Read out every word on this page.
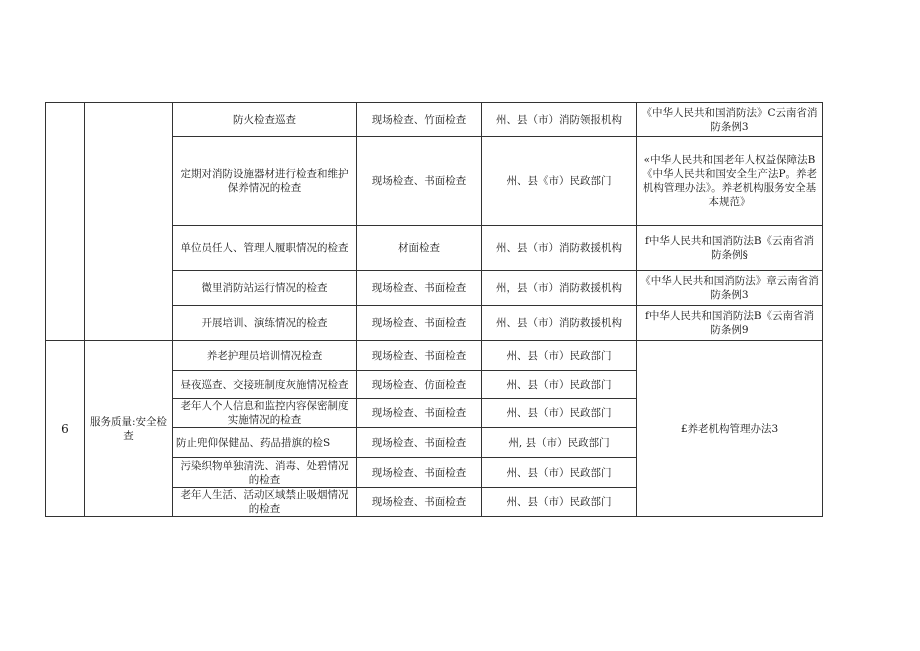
		防火检查巡查	现场检查、竹面检查	州、县（市）消防领报机构	《中华人民共和国消防法》C云南省消防条例3
		定期对消防设施器材进行检查和维护保养情况的检查	现场检查、书面检查	州、县《市）民政部门	«中华人民共和国老年人权益保障法B《中华人民共和国安全生产法P。养老机构管理办法》。养老机构服务安全基本规范》
		单位员任人、管理人履职情况的检查	材面检查	州、县（市）消防救援机构	f中华人民共和国消防法B《云南省消防条例§
		微里消防站运行情况的检查	现场检查、书面检查	州，县（市）消防救援机构	《中华人民共和国消防法》章云南省消防条例3
		开展培训、演练情况的检查	现场检查、书面检查	州、县（市）消防救援机构	f中华人民共和国消防法B《云南省消防条例9
6	服务质量:安全检查	养老护理员培训情况检查	现场检查、书面检查	州、县（市）民政部门	£养老机构管理办法3
		昼夜巡查、交接班制度灰施情况检查	现场检查、仿面检查	州、县（市）民政部门	
		老年人个人信息和监控内容保密制度实施情况的检查	现场检查、书面检查	州、县（市）民政部门	
		防止兜仰保健品、药品措旗的检S	现场检查、书面检查	州, 县（市）民政部门	
		污染织物单独清洗、消毒、处碧情况的检查	现场检查、书面检查	州、县（市）民政部门	
		老年人生活、活动区域禁止吸烟情况的检查	现场检查、书面检查	州、县（市）民政部门	
